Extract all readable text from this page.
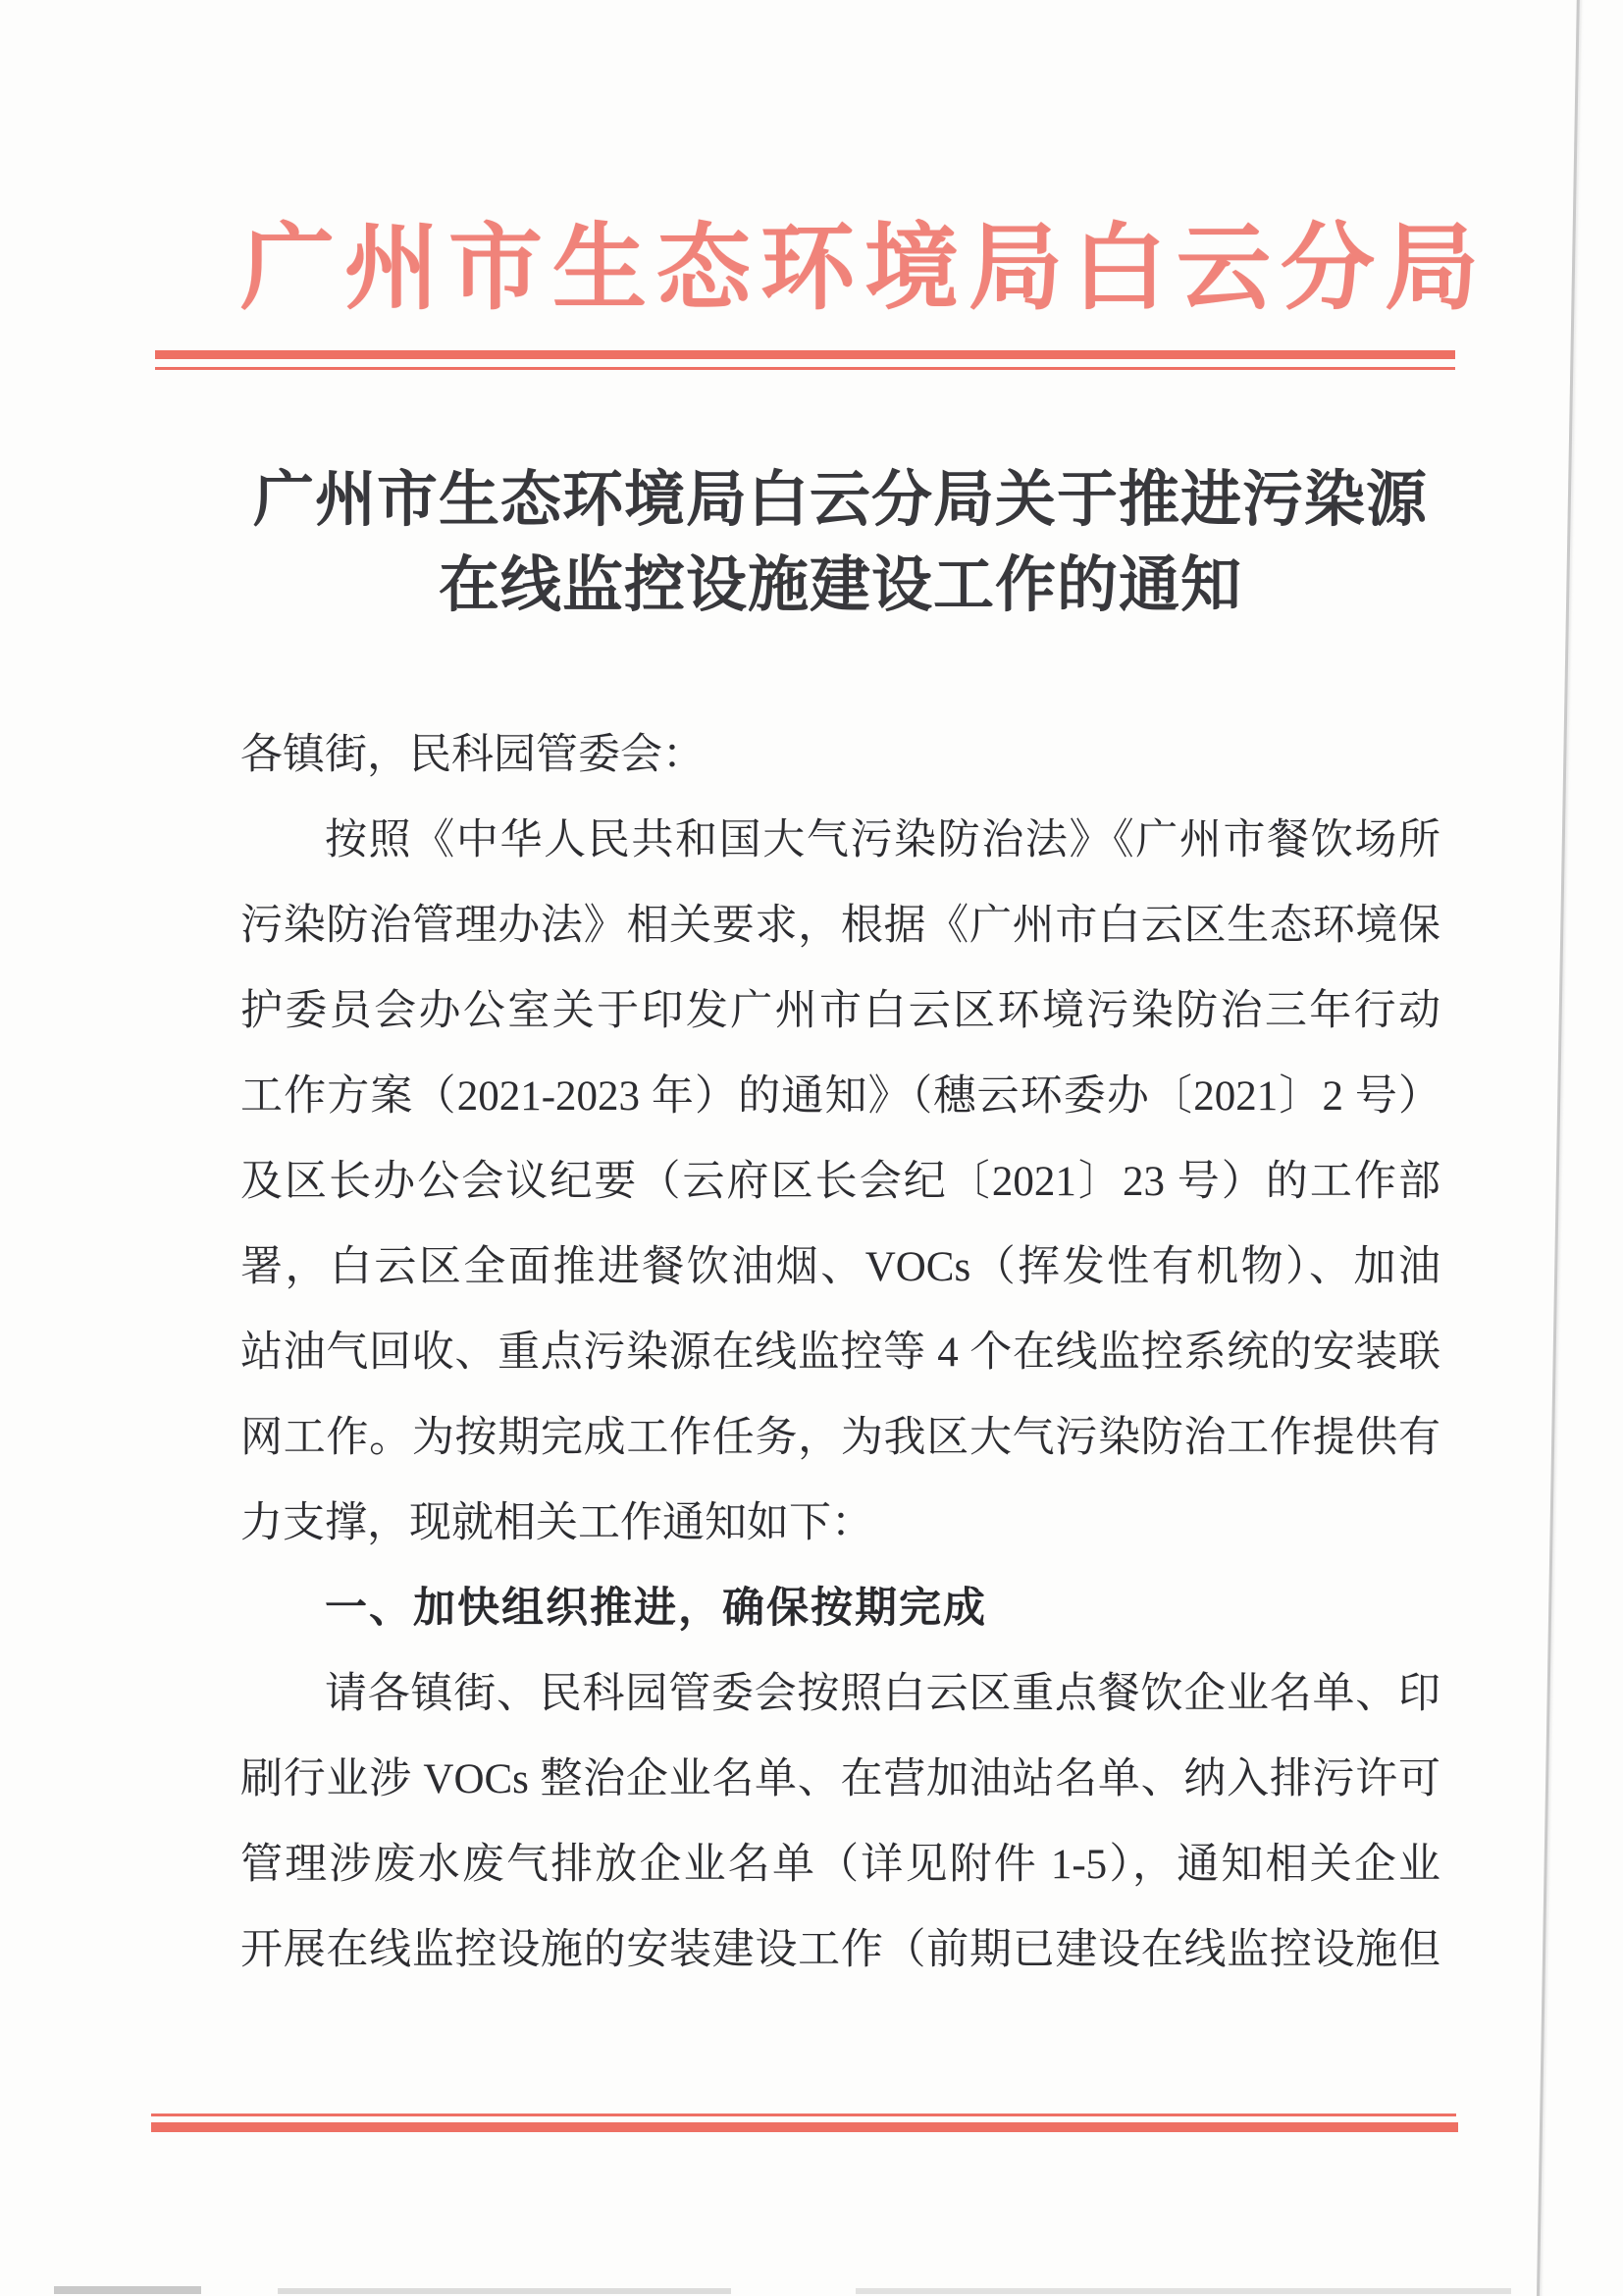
广州市生态环境局白云分局
广州市生态环境局白云分局关于推进污染源
在线监控设施建设工作的通知
各镇街，民科园管委会：
按照《中华人民共和国大气污染防治法》《广州市餐饮场所
污染防治管理办法》相关要求，根据《广州市白云区生态环境保
护委员会办公室关于印发广州市白云区环境污染防治三年行动
工作方案（2021-2023 年）的通知》（穗云环委办〔2021〕2 号）
及区长办公会议纪要（云府区长会纪〔2021〕23 号）的工作部
署，白云区全面推进餐饮油烟、VOCs（挥发性有机物）、加油
站油气回收、重点污染源在线监控等 4 个在线监控系统的安装联
网工作。为按期完成工作任务，为我区大气污染防治工作提供有
力支撑，现就相关工作通知如下：
一、加快组织推进，确保按期完成
请各镇街、民科园管委会按照白云区重点餐饮企业名单、印
刷行业涉 VOCs 整治企业名单、在营加油站名单、纳入排污许可
管理涉废水废气排放企业名单（详见附件 1-5），通知相关企业
开展在线监控设施的安装建设工作（前期已建设在线监控设施但
